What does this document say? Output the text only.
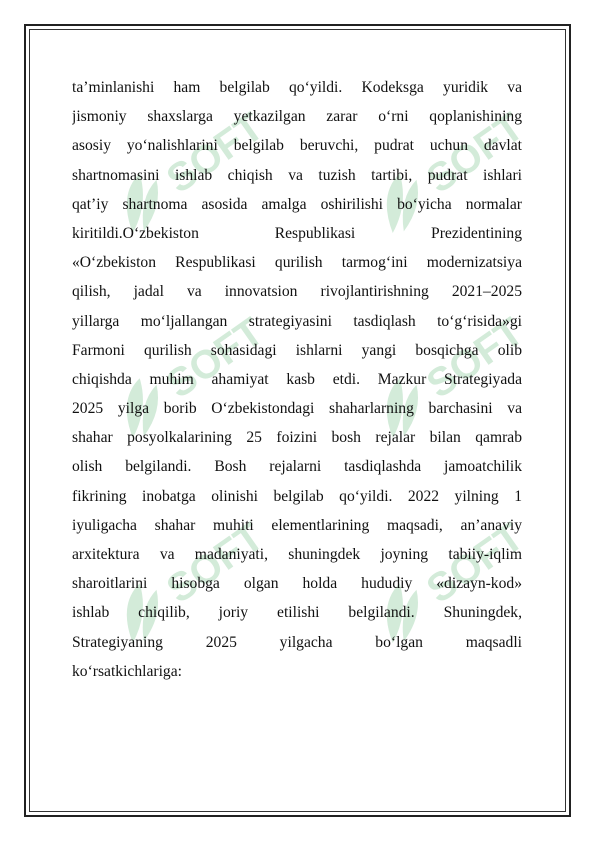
SOFT	SOFT
SOFT	SOFT
SOFT	SOFT
ta’minlanishi ham belgilab qo‘yildi. Kodeksga yuridik va
jismoniy shaxslarga yetkazilgan zarar o‘rni qoplanishining
asosiy yo‘nalishlarini belgilab beruvchi, pudrat uchun davlat
shartnomasini ishlab chiqish va tuzish tartibi, pudrat ishlari
qat’iy shartnoma asosida amalga oshirilishi bo‘yicha normalar
kiritildi.O‘zbekiston Respublikasi Prezidentining
«O‘zbekiston Respublikasi qurilish tarmog‘ini modernizatsiya
qilish, jadal va innovatsion rivojlantirishning 2021–2025
yillarga mo‘ljallangan strategiyasini tasdiqlash to‘g‘risida»gi
Farmoni qurilish sohasidagi ishlarni yangi bosqichga olib
chiqishda muhim ahamiyat kasb etdi. Mazkur Strategiyada
2025 yilga borib O‘zbekistondagi shaharlarning barchasini va
shahar posyolkalarining 25 foizini bosh rejalar bilan qamrab
olish belgilandi. Bosh rejalarni tasdiqlashda jamoatchilik
fikrining inobatga olinishi belgilab qo‘yildi. 2022 yilning 1
iyuligacha shahar muhiti elementlarining maqsadi, an’anaviy
arxitektura va madaniyati, shuningdek joyning tabiiy-iqlim
sharoitlarini hisobga olgan holda hududiy «dizayn-kod»
ishlab chiqilib, joriy etilishi belgilandi. Shuningdek,
Strategiyaning 2025 yilgacha bo‘lgan maqsadli
ko‘rsatkichlariga:
